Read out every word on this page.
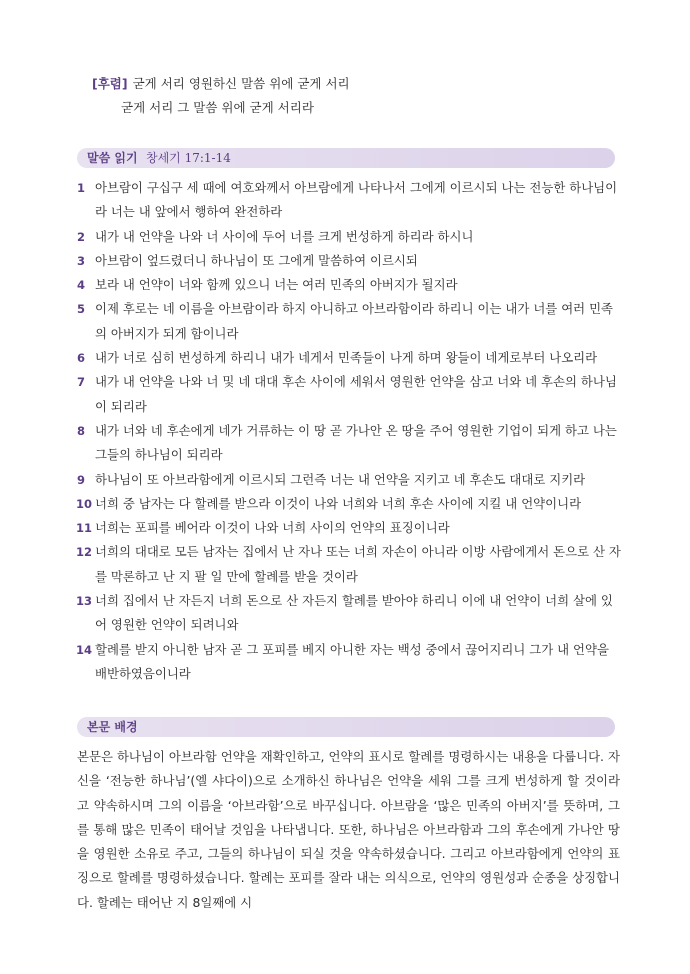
[후렴] 굳게 서리 영원하신 말씀 위에 굳게 서리
굳게 서리 그 말씀 위에 굳게 서리라
말씀 읽기 창세기 17:1-14
1 아브람이 구십구 세 때에 여호와께서 아브람에게 나타나서 그에게 이르시되 나는 전능한 하나님이라 너는 내 앞에서 행하여 완전하라
2 내가 내 언약을 나와 너 사이에 두어 너를 크게 번성하게 하리라 하시니
3 아브람이 엎드렸더니 하나님이 또 그에게 말씀하여 이르시되
4 보라 내 언약이 너와 함께 있으니 너는 여러 민족의 아버지가 될지라
5 이제 후로는 네 이름을 아브람이라 하지 아니하고 아브라함이라 하리니 이는 내가 너를 여러 민족의 아버지가 되게 함이니라
6 내가 너로 심히 번성하게 하리니 내가 네게서 민족들이 나게 하며 왕들이 네게로부터 나오리라
7 내가 내 언약을 나와 너 및 네 대대 후손 사이에 세워서 영원한 언약을 삼고 너와 네 후손의 하나님이 되리라
8 내가 너와 네 후손에게 네가 거류하는 이 땅 곧 가나안 온 땅을 주어 영원한 기업이 되게 하고 나는 그들의 하나님이 되리라
9 하나님이 또 아브라함에게 이르시되 그런즉 너는 내 언약을 지키고 네 후손도 대대로 지키라
10 너희 중 남자는 다 할례를 받으라 이것이 나와 너희와 너희 후손 사이에 지킬 내 언약이니라
11 너희는 포피를 베어라 이것이 나와 너희 사이의 언약의 표징이니라
12 너희의 대대로 모든 남자는 집에서 난 자나 또는 너희 자손이 아니라 이방 사람에게서 돈으로 산 자를 막론하고 난 지 팔 일 만에 할례를 받을 것이라
13 너희 집에서 난 자든지 너희 돈으로 산 자든지 할례를 받아야 하리니 이에 내 언약이 너희 살에 있어 영원한 언약이 되려니와
14 할례를 받지 아니한 남자 곧 그 포피를 베지 아니한 자는 백성 중에서 끊어지리니 그가 내 언약을 배반하였음이니라
본문 배경

본문은 하나님이 아브라함 언약을 재확인하고, 언약의 표시로 할례를 명령하시는 내용을 다룹니다. 자신을 ‘전능한 하나님’(엘 샤다이)으로 소개하신 하나님은 언약을 세워 그를 크게 번성하게 할 것이라고 약속하시며 그의 이름을 ‘아브라함’으로 바꾸십니다. 아브람을 ‘많은 민족의 아버지’를 뜻하며, 그를 통해 많은 민족이 태어날 것임을 나타냅니다. 또한, 하나님은 아브라함과 그의 후손에게 가나안 땅을 영원한 소유로 주고, 그들의 하나님이 되실 것을 약속하셨습니다. 그리고 아브라함에게 언약의 표징으로 할례를 명령하셨습니다. 할례는 포피를 잘라 내는 의식으로, 언약의 영원성과 순종을 상징합니다. 할례는 태어난 지 8일째에 시
